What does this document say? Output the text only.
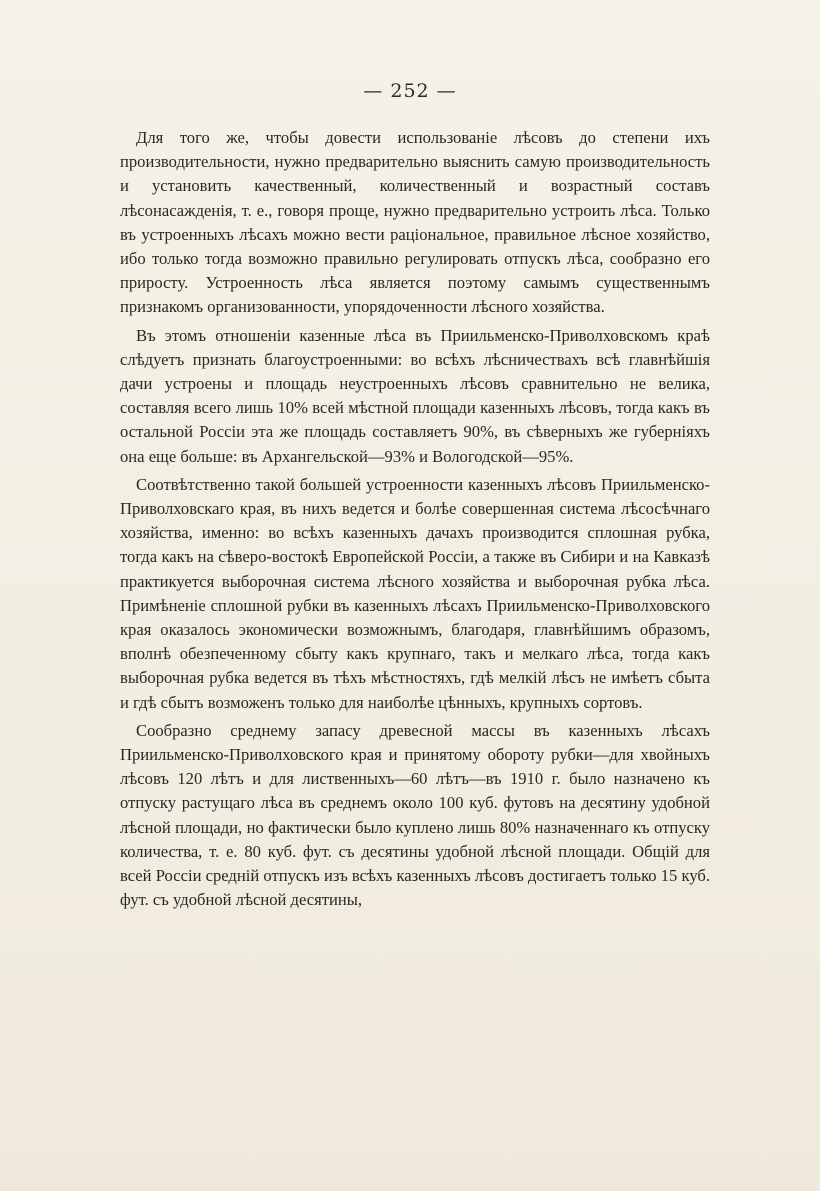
— 252 —

Для того же, чтобы довести использованіе лѣсовъ до степени ихъ производительности, нужно предварительно выяснить самую производительность и установить качественный, количественный и возрастный составъ лѣсонасажденія, т. е., говоря проще, нужно предварительно устроить лѣса. Только въ устроенныхъ лѣсахъ можно вести раціональное, правильное лѣсное хозяйство, ибо только тогда возможно правильно регулировать отпускъ лѣса, сообразно его приросту. Устроенность лѣса является поэтому самымъ существеннымъ признакомъ организованности, упорядоченности лѣсного хозяйства.

Въ этомъ отношеніи казенные лѣса въ Приильменско-Приволховскомъ краѣ слѣдуетъ признать благоустроенными: во всѣхъ лѣсничествахъ всѣ главнѣйшія дачи устроены и площадь неустроенныхъ лѣсовъ сравнительно не велика, составляя всего лишь 10% всей мѣстной площади казенныхъ лѣсовъ, тогда какъ въ остальной Россіи эта же площадь составляетъ 90%, въ сѣверныхъ же губерніяхъ она еще больше: въ Архангельской—93% и Вологодской—95%.

Соотвѣтственно такой большей устроенности казенныхъ лѣсовъ Приильменско-Приволховскаго края, въ нихъ ведется и болѣе совершенная система лѣсосѣчнаго хозяйства, именно: во всѣхъ казенныхъ дачахъ производится сплошная рубка, тогда какъ на сѣверо-востокѣ Европейской Россіи, а также въ Сибири и на Кавказѣ практикуется выборочная система лѣсного хозяйства и выборочная рубка лѣса. Примѣненіе сплошной рубки въ казенныхъ лѣсахъ Приильменско-Приволховского края оказалось экономически возможнымъ, благодаря, главнѣйшимъ образомъ, вполнѣ обезпеченному сбыту какъ крупнаго, такъ и мелкаго лѣса, тогда какъ выборочная рубка ведется въ тѣхъ мѣстностяхъ, гдѣ мелкій лѣсъ не имѣетъ сбыта и гдѣ сбытъ возможенъ только для наиболѣе цѣнныхъ, крупныхъ сортовъ.

Сообразно среднему запасу древесной массы въ казенныхъ лѣсахъ Приильменско-Приволховского края и принятому обороту рубки—для хвойныхъ лѣсовъ 120 лѣтъ и для лиственныхъ—60 лѣтъ—въ 1910 г. было назначено къ отпуску растущаго лѣса въ среднемъ около 100 куб. футовъ на десятину удобной лѣсной площади, но фактически было куплено лишь 80% назначеннаго къ отпуску количества, т. е. 80 куб. фут. съ десятины удобной лѣсной площади. Общій для всей Россіи средній отпускъ изъ всѣхъ казенныхъ лѣсовъ достигаетъ только 15 куб. фут. съ удобной лѣсной десятины,
